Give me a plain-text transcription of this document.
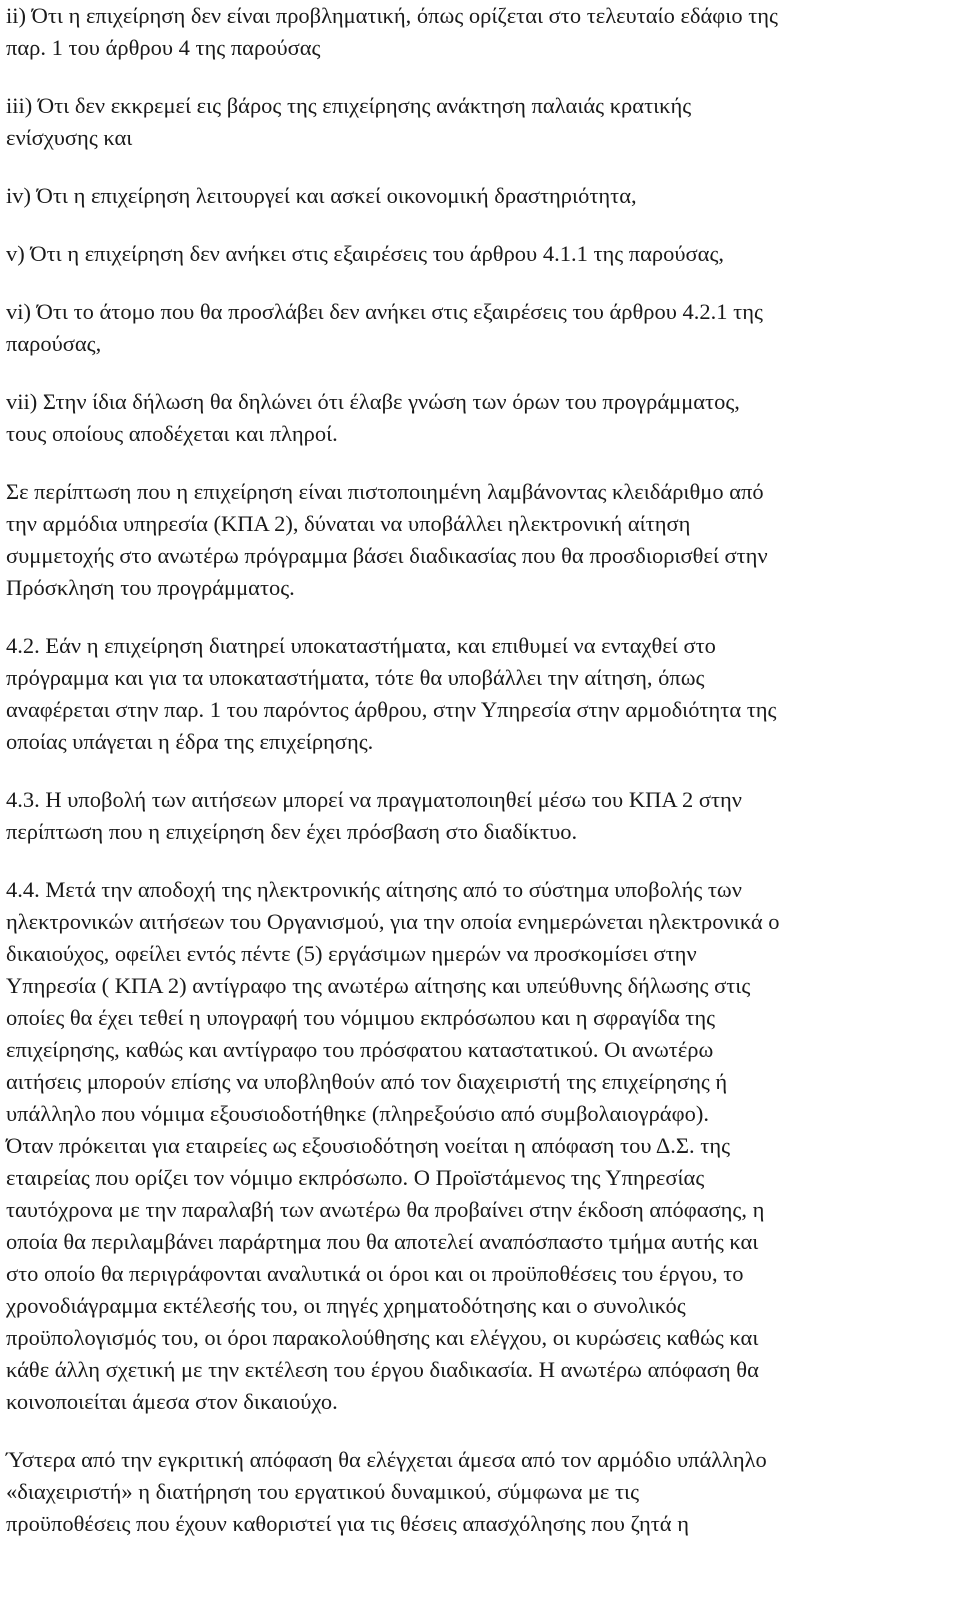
ii) Ότι η επιχείρηση δεν είναι προβληματική, όπως ορίζεται στο τελευταίο εδάφιο της
παρ. 1 του άρθρου 4 της παρούσας

iii) Ότι δεν εκκρεμεί εις βάρος της επιχείρησης ανάκτηση παλαιάς κρατικής
ενίσχυσης και

iv) Ότι η επιχείρηση λειτουργεί και ασκεί οικονομική δραστηριότητα,

v) Ότι η επιχείρηση δεν ανήκει στις εξαιρέσεις του άρθρου 4.1.1 της παρούσας,

vi) Ότι το άτομο που θα προσλάβει δεν ανήκει στις εξαιρέσεις του άρθρου 4.2.1 της
παρούσας,

vii) Στην ίδια δήλωση θα δηλώνει ότι έλαβε γνώση των όρων του προγράμματος,
τους οποίους αποδέχεται και πληροί.

Σε περίπτωση που η επιχείρηση είναι πιστοποιημένη λαμβάνοντας κλειδάριθμο από
την αρμόδια υπηρεσία (ΚΠΑ 2), δύναται να υποβάλλει ηλεκτρονική αίτηση
συμμετοχής στο ανωτέρω πρόγραμμα βάσει διαδικασίας που θα προσδιορισθεί στην
Πρόσκληση του προγράμματος.

4.2. Εάν η επιχείρηση διατηρεί υποκαταστήματα, και επιθυμεί να ενταχθεί στο
πρόγραμμα και για τα υποκαταστήματα, τότε θα υποβάλλει την αίτηση, όπως
αναφέρεται στην παρ. 1 του παρόντος άρθρου, στην Υπηρεσία στην αρμοδιότητα της
οποίας υπάγεται η έδρα της επιχείρησης.

4.3. Η υποβολή των αιτήσεων μπορεί να πραγματοποιηθεί μέσω του ΚΠΑ 2 στην
περίπτωση που η επιχείρηση δεν έχει πρόσβαση στο διαδίκτυο.

4.4. Μετά την αποδοχή της ηλεκτρονικής αίτησης από το σύστημα υποβολής των
ηλεκτρονικών αιτήσεων του Οργανισμού, για την οποία ενημερώνεται ηλεκτρονικά ο
δικαιούχος, οφείλει εντός πέντε (5) εργάσιμων ημερών να προσκομίσει στην
Υπηρεσία ( ΚΠΑ 2) αντίγραφο της ανωτέρω αίτησης και υπεύθυνης δήλωσης στις
οποίες θα έχει τεθεί η υπογραφή του νόμιμου εκπρόσωπου και η σφραγίδα της
επιχείρησης, καθώς και αντίγραφο του πρόσφατου καταστατικού. Οι ανωτέρω
αιτήσεις μπορούν επίσης να υποβληθούν από τον διαχειριστή της επιχείρησης ή
υπάλληλο που νόμιμα εξουσιοδοτήθηκε (πληρεξούσιο από συμβολαιογράφο).
Όταν πρόκειται για εταιρείες ως εξουσιοδότηση νοείται η απόφαση του Δ.Σ. της
εταιρείας που ορίζει τον νόμιμο εκπρόσωπο. Ο Προϊστάμενος της Υπηρεσίας
ταυτόχρονα με την παραλαβή των ανωτέρω θα προβαίνει στην έκδοση απόφασης, η
οποία θα περιλαμβάνει παράρτημα που θα αποτελεί αναπόσπαστο τμήμα αυτής και
στο οποίο θα περιγράφονται αναλυτικά οι όροι και οι προϋποθέσεις του έργου, το
χρονοδιάγραμμα εκτέλεσής του, οι πηγές χρηματοδότησης και ο συνολικός
προϋπολογισμός του, οι όροι παρακολούθησης και ελέγχου, οι κυρώσεις καθώς και
κάθε άλλη σχετική με την εκτέλεση του έργου διαδικασία. Η ανωτέρω απόφαση θα
κοινοποιείται άμεσα στον δικαιούχο.

Ύστερα από την εγκριτική απόφαση θα ελέγχεται άμεσα από τον αρμόδιο υπάλληλο
«διαχειριστή» η διατήρηση του εργατικού δυναμικού, σύμφωνα με τις
προϋποθέσεις που έχουν καθοριστεί για τις θέσεις απασχόλησης που ζητά η
